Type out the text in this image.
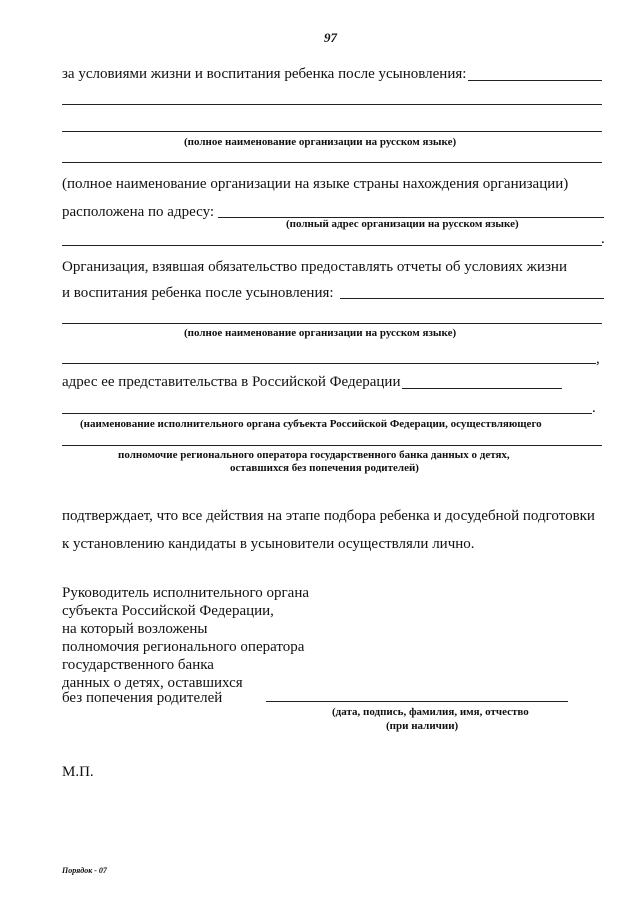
97
за условиями жизни и воспитания ребенка после усыновления:
(полное наименование организации на русском языке)
(полное наименование организации на языке страны нахождения организации)
расположена по адресу:
(полный адрес организации на русском языке)
.
Организация, взявшая обязательство предоставлять отчеты об условиях жизни
и воспитания ребенка после усыновления:
(полное наименование организации на русском языке)
,
адрес ее представительства в Российской Федерации
.
(наименование исполнительного органа субъекта Российской Федерации, осуществляющего
полномочие регионального оператора государственного банка данных о детях,
оставшихся без попечения родителей)
подтверждает, что все действия на этапе подбора ребенка и досудебной подготовки
к установлению кандидаты в усыновители осуществляли лично.
Руководитель исполнительного органа
субъекта Российской Федерации,
на который возложены
полномочия регионального оператора
государственного банка
данных о детях, оставшихся
без попечения родителей
(дата, подпись, фамилия, имя, отчество
(при наличии)
М.П.
Порядок - 07
